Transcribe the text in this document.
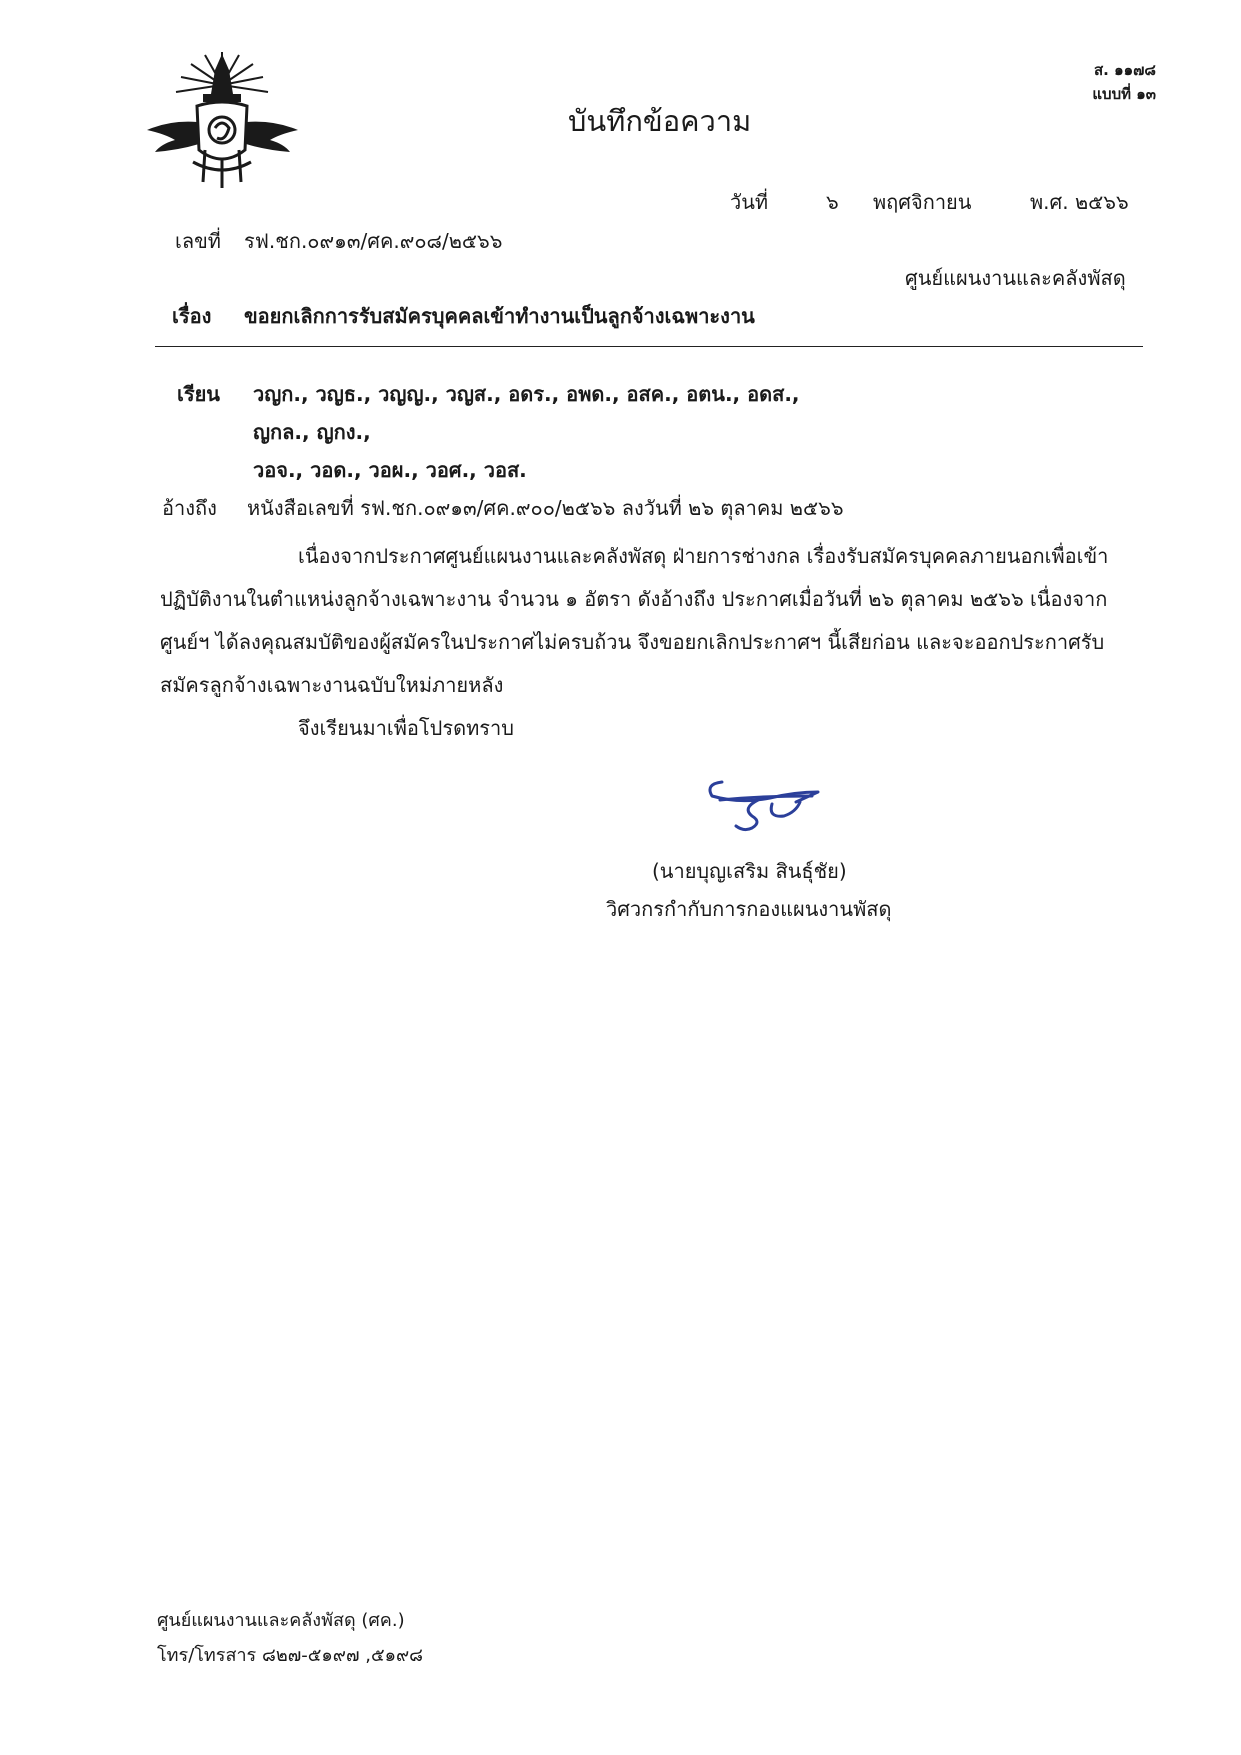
ส. ๑๑๗๘
แบบที่ ๑๓
บันทึกข้อความ
วันที่	๖ พฤศจิกายน	พ.ศ. ๒๕๖๖
เลขที่ รฟ.ชก.๐๙๑๓/ศค.๙๐๘/๒๕๖๖
ศูนย์แผนงานและคลังพัสดุ
เรื่อง ขอยกเลิกการรับสมัครบุคคลเข้าทำงานเป็นลูกจ้างเฉพาะงาน
เรียน วญก., วญธ., วญญ., วญส., อดร., อพด., อสค., อตน., อดส.,
ญกล., ญกง.,
วอจ., วอด., วอผ., วอศ., วอส.
อ้างถึง หนังสือเลขที่ รฟ.ชก.๐๙๑๓/ศค.๙๐๐/๒๕๖๖ ลงวันที่ ๒๖ ตุลาคม ๒๕๖๖
เนื่องจากประกาศศูนย์แผนงานและคลังพัสดุ ฝ่ายการช่างกล เรื่องรับสมัครบุคคลภายนอกเพื่อเข้าปฏิบัติงานในตำแหน่งลูกจ้างเฉพาะงาน จำนวน ๑ อัตรา ดังอ้างถึง ประกาศเมื่อวันที่ ๒๖ ตุลาคม ๒๕๖๖ เนื่องจากศูนย์ฯ ได้ลงคุณสมบัติของผู้สมัครในประกาศไม่ครบถ้วน จึงขอยกเลิกประกาศฯ นี้เสียก่อน และจะออกประกาศรับสมัครลูกจ้างเฉพาะงานฉบับใหม่ภายหลัง
จึงเรียนมาเพื่อโปรดทราบ
(นายบุญเสริม สินธุ์ชัย)
วิศวกรกำกับการกองแผนงานพัสดุ
ศูนย์แผนงานและคลังพัสดุ (ศค.)
โทร/โทรสาร ๘๒๗-๕๑๙๗ ,๕๑๙๘
